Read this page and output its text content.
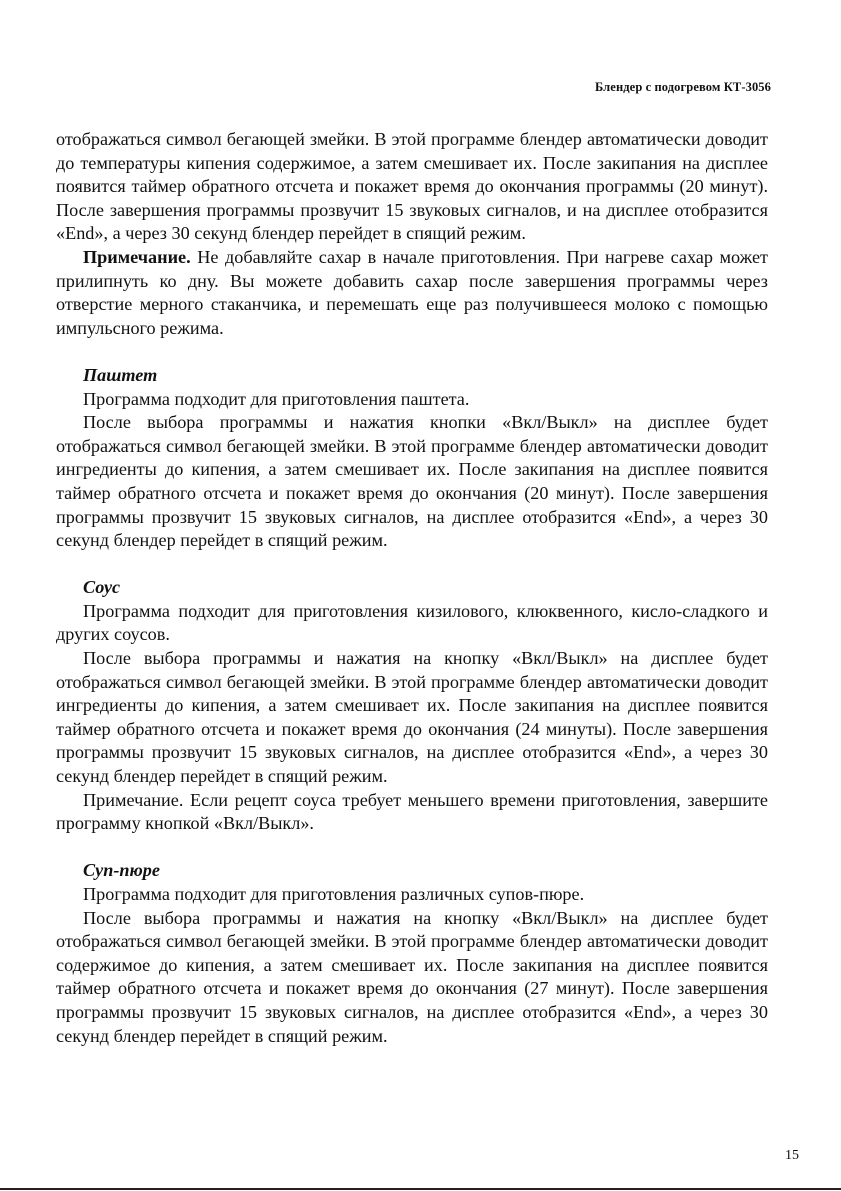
Блендер с подогревом КТ-3056

отображаться символ бегающей змейки. В этой программе блендер автоматически доводит до температуры кипения содержимое, а затем смешивает их. После закипания на дисплее появится таймер обратного отсчета и покажет время до окончания программы (20 минут). После завершения программы прозвучит 15 звуковых сигналов, и на дисплее отобразится «End», а через 30 секунд блендер перейдет в спящий режим.

Примечание. Не добавляйте сахар в начале приготовления. При нагреве сахар может прилипнуть ко дну. Вы можете добавить сахар после завершения программы через отверстие мерного стаканчика, и перемешать еще раз получившееся молоко с помощью импульсного режима.

Паштет

Программа подходит для приготовления паштета.

После выбора программы и нажатия кнопки «Вкл/Выкл» на дисплее будет отображаться символ бегающей змейки. В этой программе блендер автоматически доводит ингредиенты до кипения, а затем смешивает их. После закипания на дисплее появится таймер обратного отсчета и покажет время до окончания (20 минут). После завершения программы прозвучит 15 звуковых сигналов, на дисплее отобразится «End», а через 30 секунд блендер перейдет в спящий режим.

Соус

Программа подходит для приготовления кизилового, клюквенного, кисло-сладкого и других соусов.

После выбора программы и нажатия на кнопку «Вкл/Выкл» на дисплее будет отображаться символ бегающей змейки. В этой программе блендер автоматически доводит ингредиенты до кипения, а затем смешивает их. После закипания на дисплее появится таймер обратного отсчета и покажет время до окончания (24 минуты). После завершения программы прозвучит 15 звуковых сигналов, на дисплее отобразится «End», а через 30 секунд блендер перейдет в спящий режим.

Примечание. Если рецепт соуса требует меньшего времени приготовления, завершите программу кнопкой «Вкл/Выкл».

Суп-пюре

Программа подходит для приготовления различных супов-пюре.

После выбора программы и нажатия на кнопку «Вкл/Выкл» на дисплее будет отображаться символ бегающей змейки. В этой программе блендер автоматически доводит содержимое до кипения, а затем смешивает их. После закипания на дисплее появится таймер обратного отсчета и покажет время до окончания (27 минут). После завершения программы прозвучит 15 звуковых сигналов, на дисплее отобразится «End», а через 30 секунд блендер перейдет в спящий режим.

15
